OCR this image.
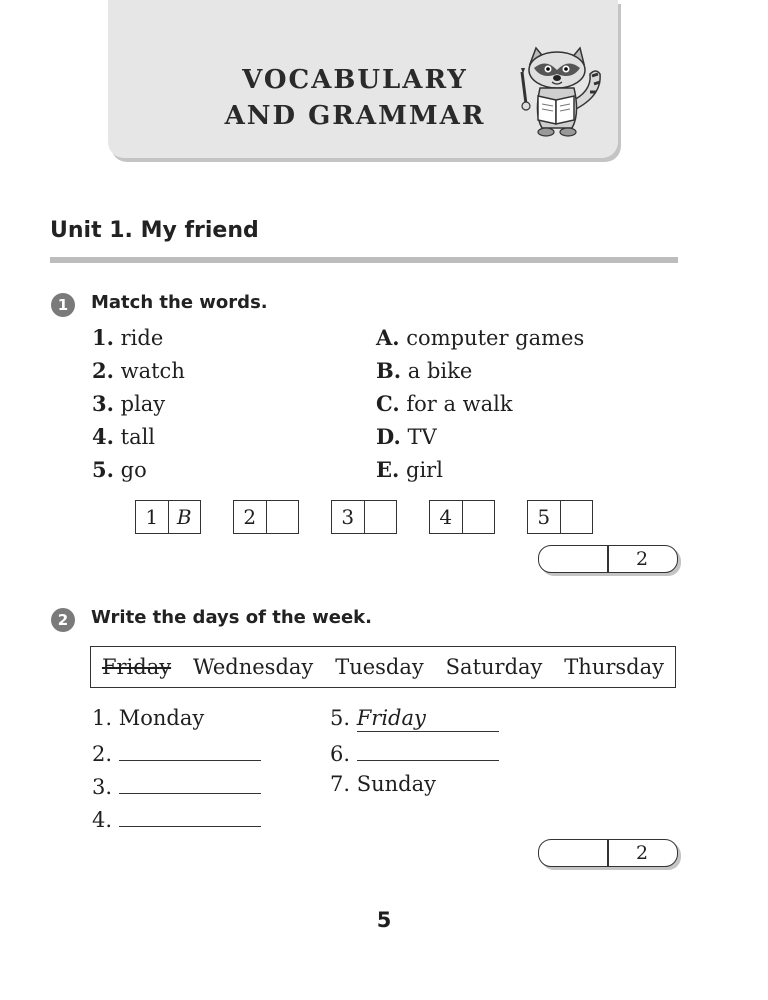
VOCABULARY
AND GRAMMAR
Unit 1. My friend
1	Match the words.
1. ride
2. watch
3. play
4. tall
5. go
A. computer games
B. a bike
C. for a walk
D. TV
E. girl
1 B	2	3	4	5
2
2	Write the days of the week.
Friday Wednesday Tuesday Saturday Thursday
1. Monday
2.
3.
4.
5. Friday
6.
7. Sunday
2
5
